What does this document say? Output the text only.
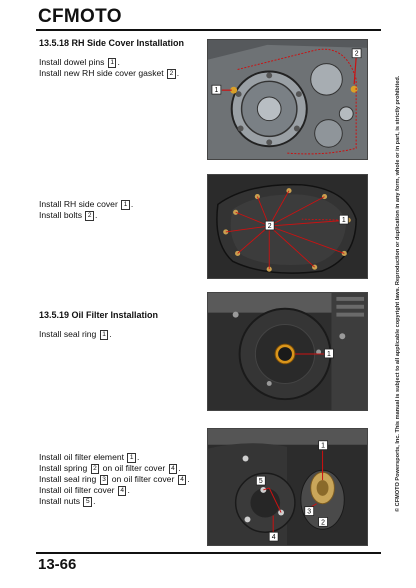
CFMOTO
13.5.18 RH Side Cover Installation
Install dowel pins 1 .
Install new RH side cover gasket 2 .
1
2
Install RH side cover 1 .
Install bolts 2 .
2
1
13.5.19 Oil Filter Installation
Install seal ring 1 .
1
Install oil filter element 1 .
Install spring 2 on oil filter cover 4 .
Install seal ring 3 on oil filter cover 4 .
Install oil filter cover 4 .
Install nuts 5 .
1
2
3
4
5	© CFMOTO Powersports, Inc. This manual is subject to all applicable copyright laws. Reproduction or duplication in any form, whole or in part, is strictly prohibited.
13-66
